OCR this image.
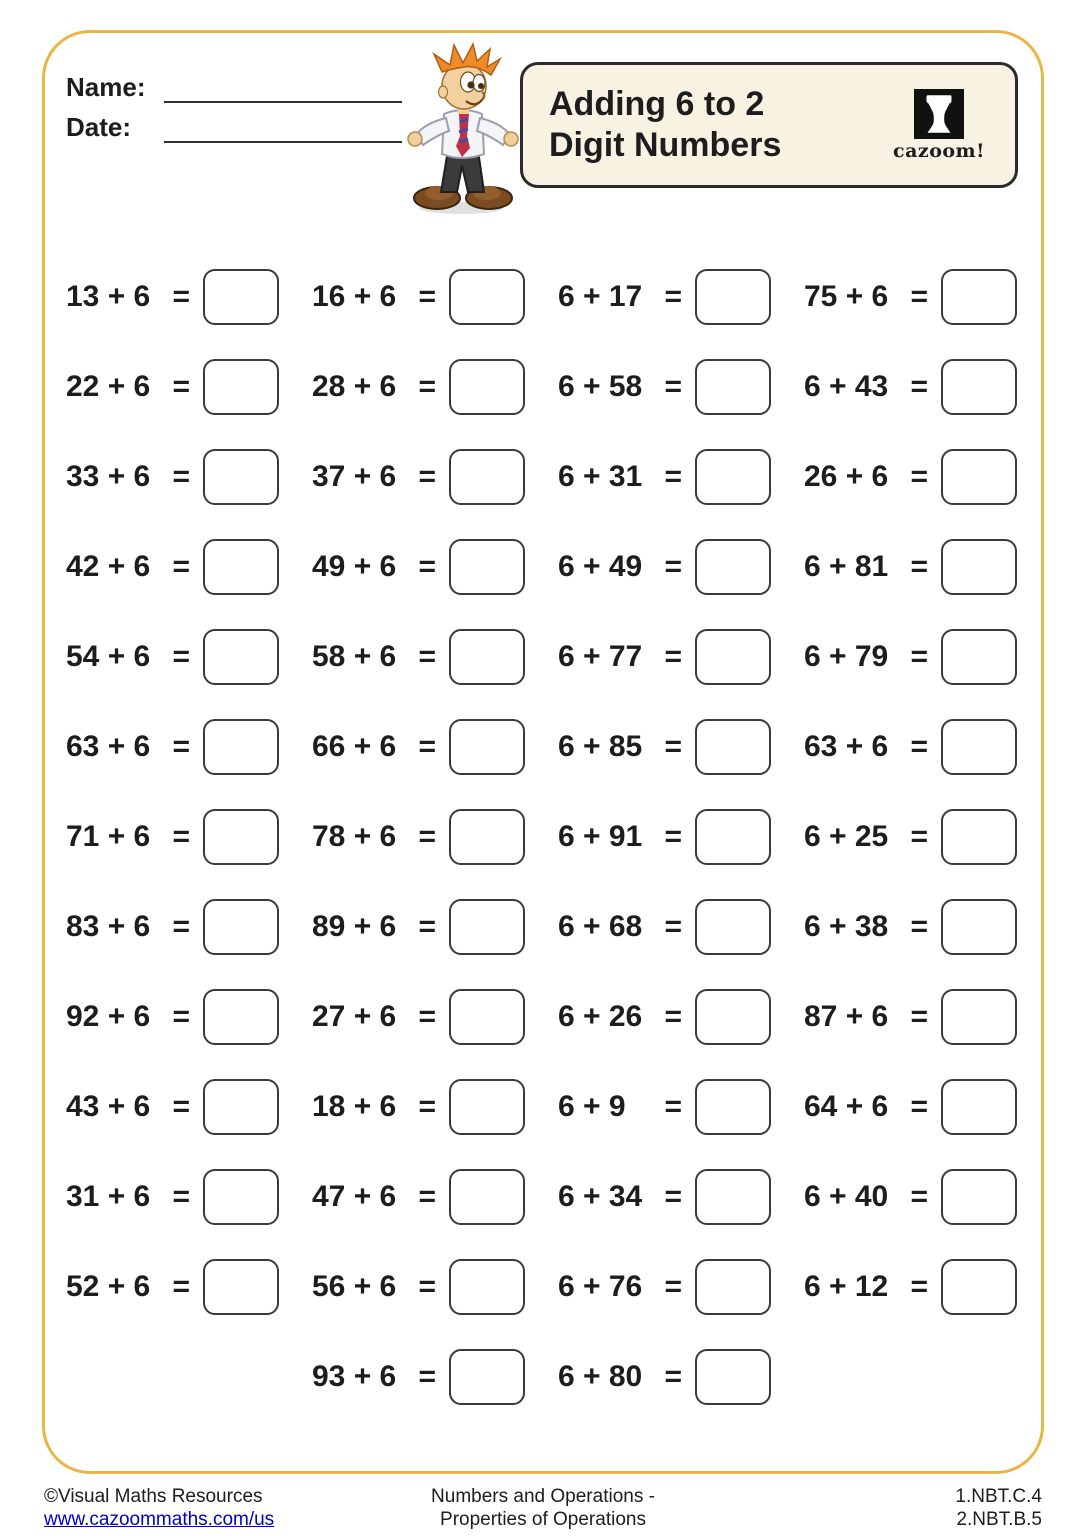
Name:
Date:
Adding 6 to 2
Digit Numbers	cazoom!
13 + 6 =	16 + 6 =	6 + 17 =	75 + 6 =
22 + 6 =	28 + 6 =	6 + 58 =	6 + 43 =
33 + 6 =	37 + 6 =	6 + 31 =	26 + 6 =
42 + 6 =	49 + 6 =	6 + 49 =	6 + 81 =
54 + 6 =	58 + 6 =	6 + 77 =	6 + 79 =
63 + 6 =	66 + 6 =	6 + 85 =	63 + 6 =
71 + 6 =	78 + 6 =	6 + 91 =	6 + 25 =
83 + 6 =	89 + 6 =	6 + 68 =	6 + 38 =
92 + 6 =	27 + 6 =	6 + 26 =	87 + 6 =
43 + 6 =	18 + 6 =	6 + 9 =	64 + 6 =
31 + 6 =	47 + 6 =	6 + 34 =	6 + 40 =
52 + 6 =	56 + 6 =	6 + 76 =	6 + 12 =
93 + 6 =	6 + 80 =
©Visual Maths Resources
www.cazoommaths.com/us
Numbers and Operations -
Properties of Operations
1.NBT.C.4
2.NBT.B.5
